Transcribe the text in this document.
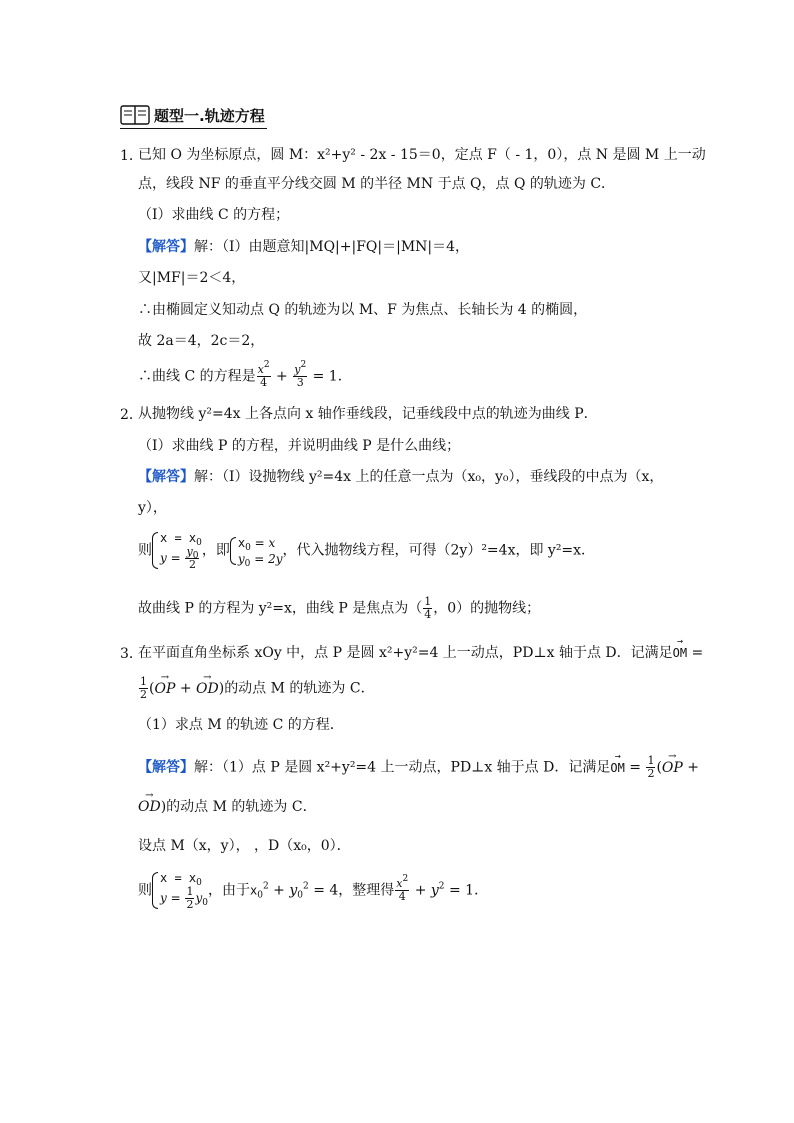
题型一.轨迹方程
1．
已知 O 为坐标原点，圆 M：x²+y² - 2x - 15＝0，定点 F（ - 1，0），点 N 是圆 M 上一动
点，线段 NF 的垂直平分线交圆 M 的半径 MN 于点 Q，点 Q 的轨迹为 C．
（Ⅰ）求曲线 C 的方程；
【解答】解：（Ⅰ）由题意知|MQ|+|FQ|＝|MN|＝4，
又|MF|＝2＜4，
∴由椭圆定义知动点 Q 的轨迹为以 M、F 为焦点、长轴长为 4 的椭圆，
故 2a＝4，2c＝2，
∴曲线 C 的方程是 $\frac{x^2}{4} + \frac{y^2}{3} = 1$．
2．
从抛物线 y²=4x 上各点向 x 轴作垂线段，记垂线段中点的轨迹为曲线 P．
（Ⅰ）求曲线 P 的方程，并说明曲线 P 是什么曲线；
【解答】解：（Ⅰ）设抛物线 y²=4x 上的任意一点为（x₀，y₀），垂线段的中点为（x，
y），
则
$x = x_0$
$y = \frac{y_0}{2}$ ，即 $x_0 = x$
$y_0 = 2y$ ，代入抛物线方程，可得（2y）²=4x，即 y²=x．
故曲线 P 的方程为 y²=x，曲线 P 是焦点为（ $\frac{1}{4}$ ，0）的抛物线；
3．
在平面直角坐标系 xOy 中，点 P 是圆 x²+y²=4 上一动点，PD⊥x 轴于点 D．记满足→ OM =
$\frac{1}{2}$ (→ OP + → OD)的动点 M 的轨迹为 C．
（1）求点 M 的轨迹 C 的方程．
【解答】解：（1）点 P 是圆 x²+y²=4 上一动点，PD⊥x 轴于点 D．记满足→ OM = $\frac{1}{2}$ (→ OP +
→ OD)的动点 M 的轨迹为 C．
设点 M（x，y）， ，D（x₀，0）．
则
$x = x_0$
$y = \frac{1}{2} y_0$
，由于$x_0^2 + y_0^2 = 4$，整理得 $\frac{x^2}{4} + y^2 = 1$．
